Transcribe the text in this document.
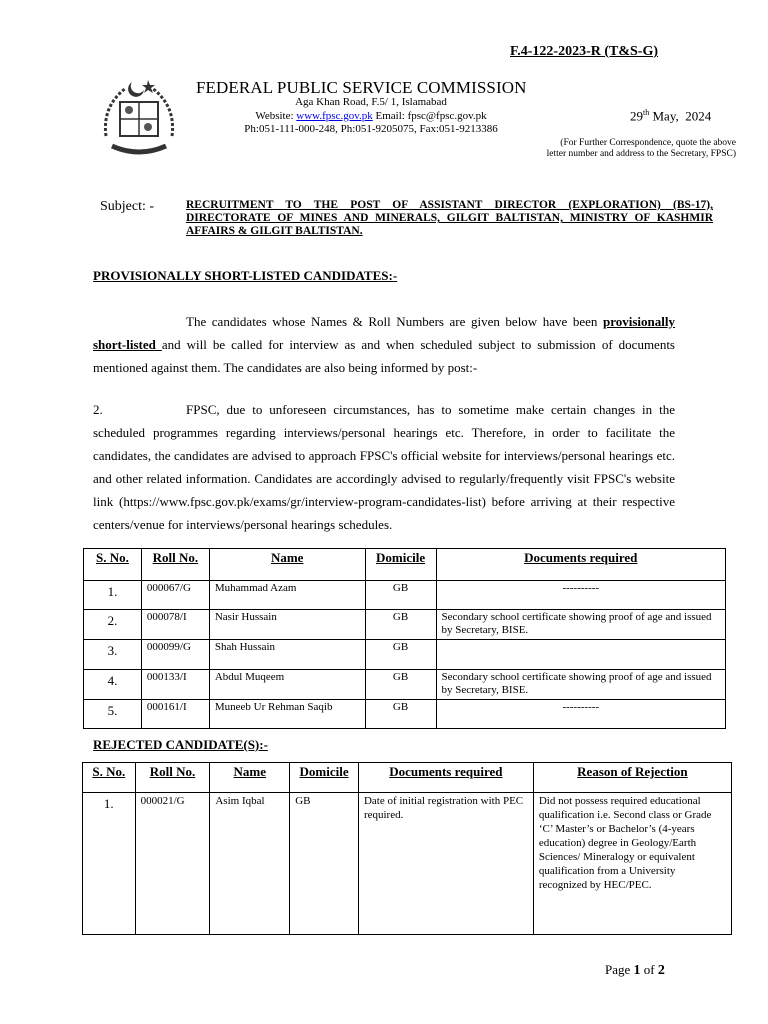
F.4-122-2023-R (T&S-G)
FEDERAL PUBLIC SERVICE COMMISSION
Aga Khan Road, F.5/ 1, Islamabad
Website: www.fpsc.gov.pk Email: fpsc@fpsc.gov.pk
Ph:051-111-000-248, Ph:051-9205075, Fax:051-9213386
29th May,  2024
(For Further Correspondence, quote the above letter number and address to the Secretary, FPSC)
Subject: -	RECRUITMENT TO THE POST OF ASSISTANT DIRECTOR (EXPLORATION) (BS-17), DIRECTORATE OF MINES AND MINERALS, GILGIT BALTISTAN, MINISTRY OF KASHMIR AFFAIRS & GILGIT BALTISTAN.
PROVISIONALLY SHORT-LISTED CANDIDATES:-
The candidates whose Names & Roll Numbers are given below have been provisionally short-listed and will be called for interview as and when scheduled subject to submission of documents mentioned against them. The candidates are also being informed by post:-
2.	FPSC, due to unforeseen circumstances, has to sometime make certain changes in the scheduled programmes regarding interviews/personal hearings etc. Therefore, in order to facilitate the candidates, the candidates are advised to approach FPSC's official website for interviews/personal hearings etc. and other related information. Candidates are accordingly advised to regularly/frequently visit FPSC's website link (https://www.fpsc.gov.pk/exams/gr/interview-program-candidates-list) before arriving at their respective centers/venue for interviews/personal hearings schedules.
S. No.	Roll No.	Name	Domicile	Documents required
1.	000067/G	Muhammad Azam	GB	----------
2.	000078/I	Nasir Hussain	GB	Secondary school certificate showing proof of age and issued by Secretary, BISE.
3.	000099/G	Shah Hussain	GB	
4.	000133/I	Abdul Muqeem	GB	Secondary school certificate showing proof of age and issued by Secretary, BISE.
5.	000161/I	Muneeb Ur Rehman Saqib	GB	----------
REJECTED CANDIDATE(S):-
S. No.	Roll No.	Name	Domicile	Documents required	Reason of Rejection
1.	000021/G	Asim Iqbal	GB	Date of initial registration with PEC required.	Did not possess required educational qualification i.e. Second class or Grade ‘C’ Master’s or Bachelor’s (4-years education) degree in Geology/Earth Sciences/ Mineralogy or equivalent qualification from a University recognized by HEC/PEC.
Page 1 of 2
